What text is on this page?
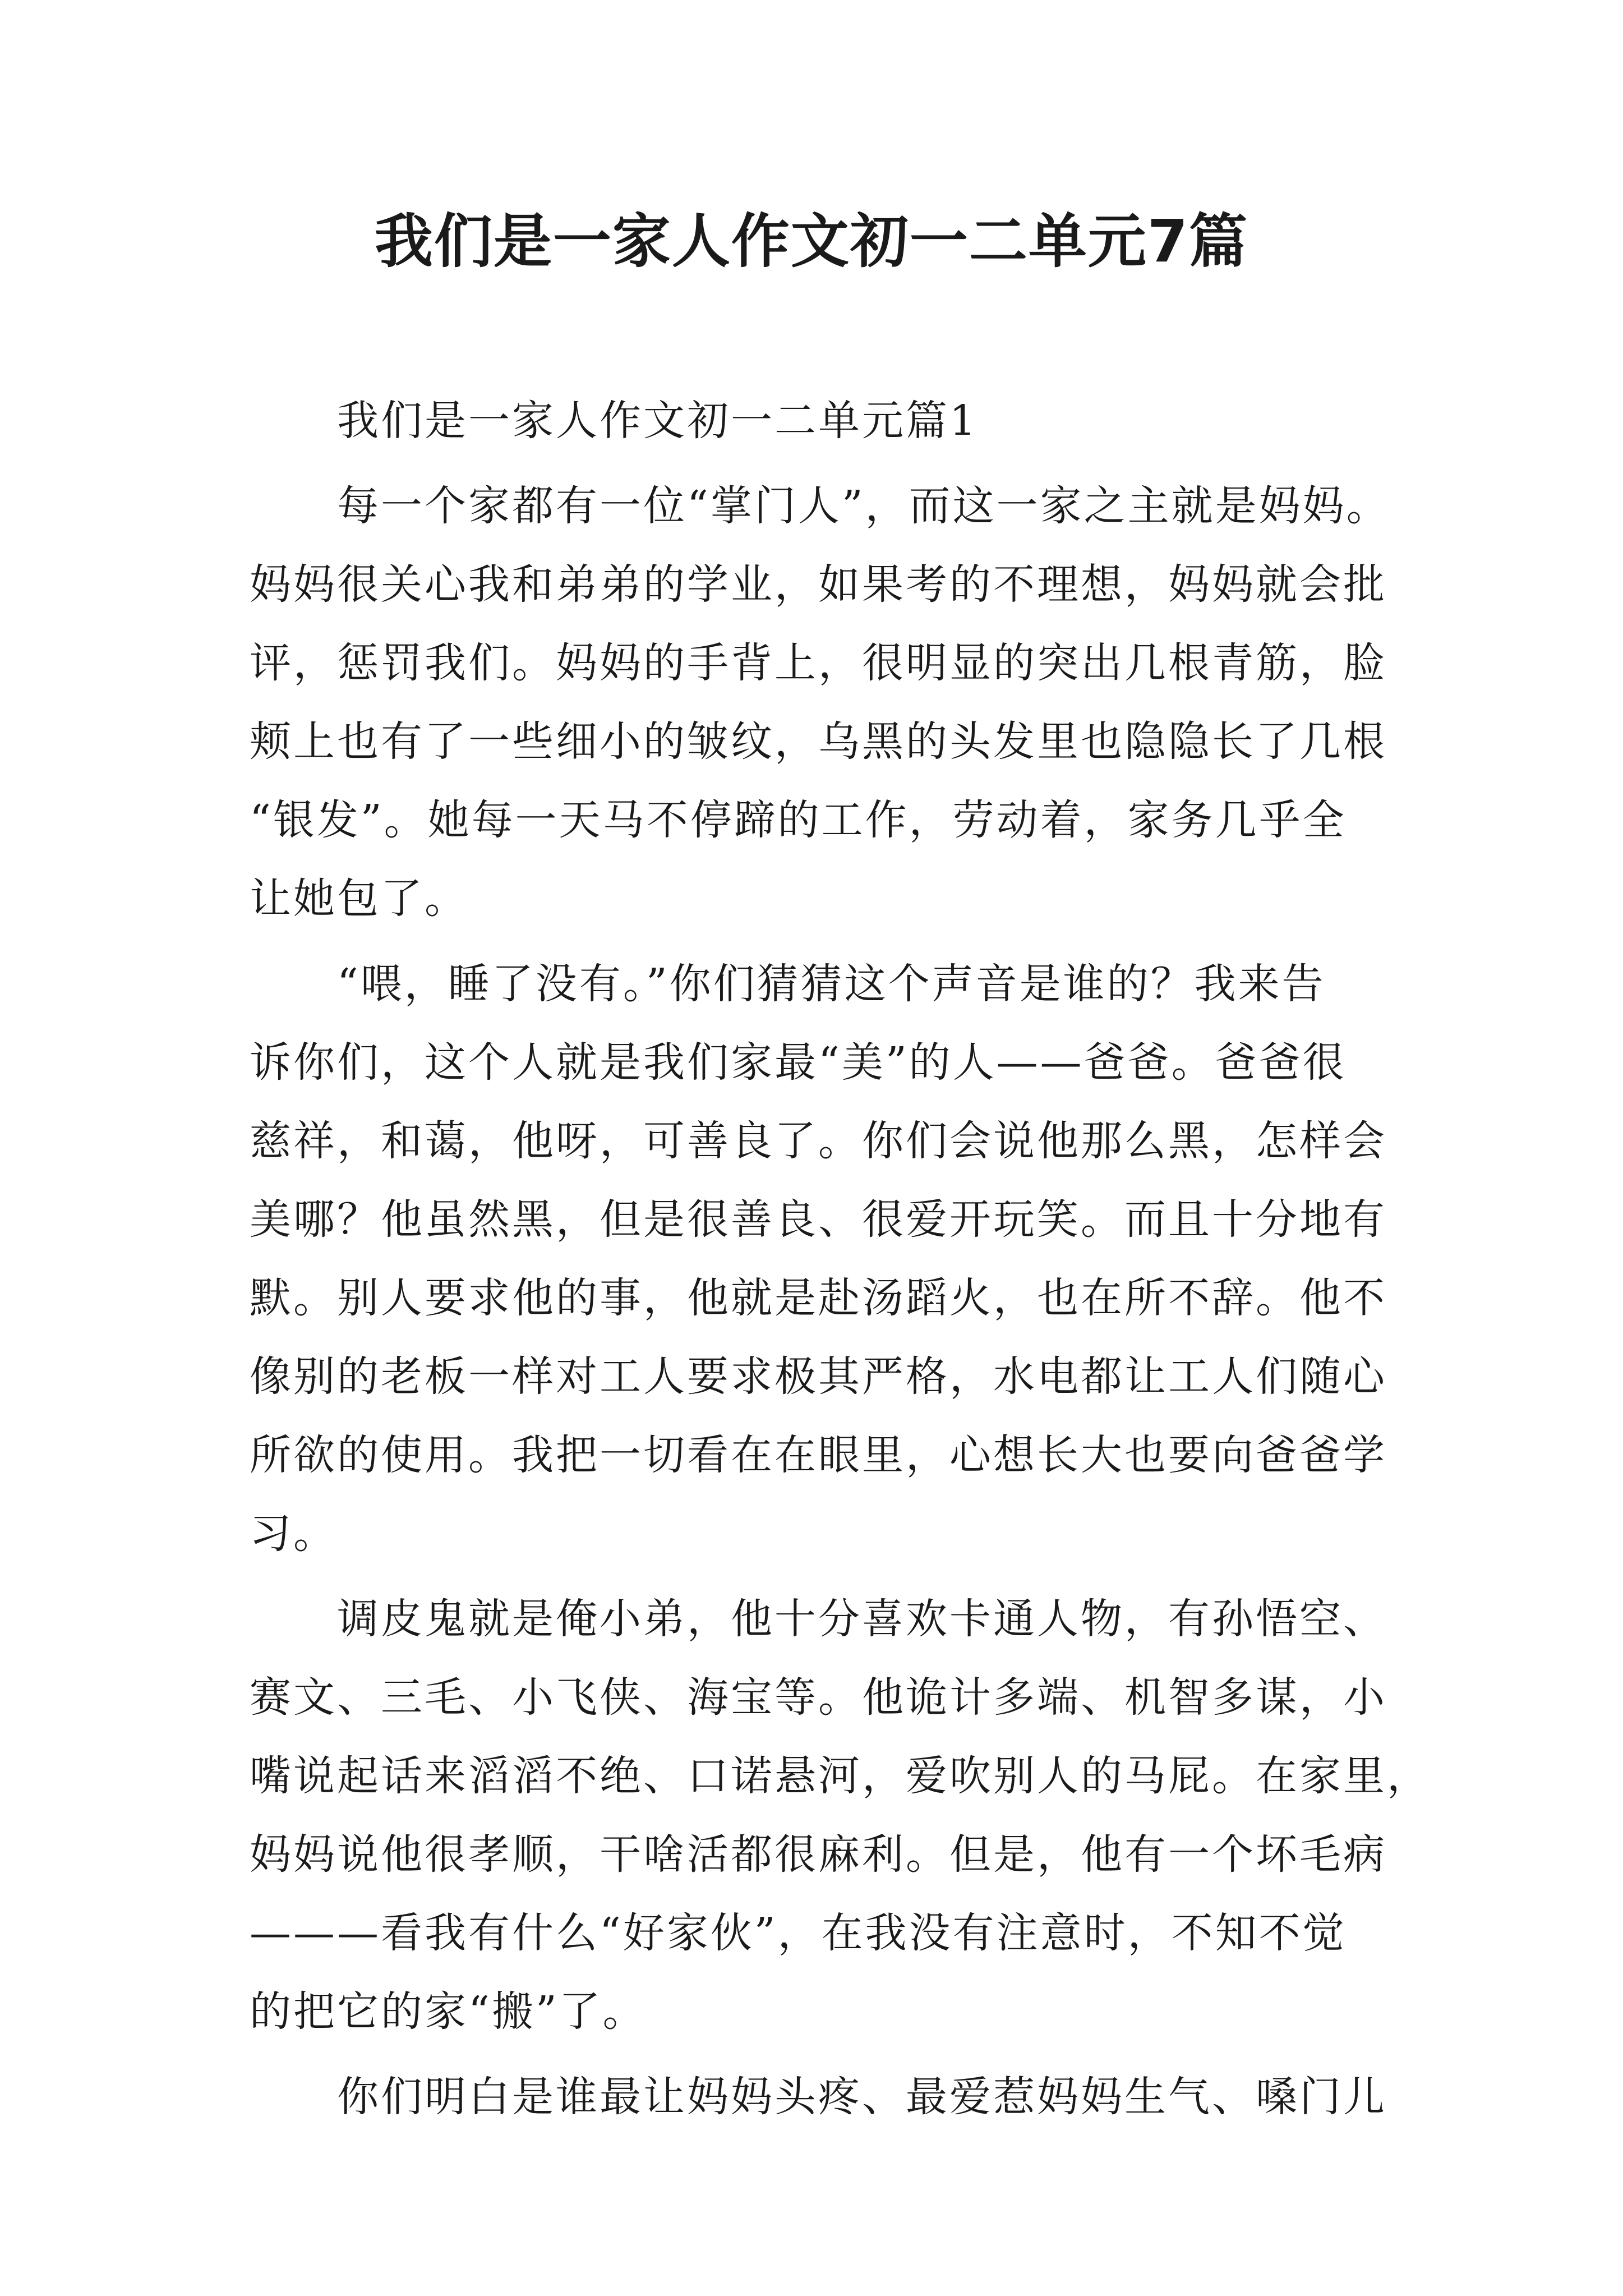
我们是一家人作文初一二单元7篇
　　我们是一家人作文初一二单元篇1
　　每一个家都有一位“掌门人”，而这一家之主就是妈妈。
妈妈很关心我和弟弟的学业，如果考的不理想，妈妈就会批
评，惩罚我们。妈妈的手背上，很明显的突出几根青筋，脸
颊上也有了一些细小的皱纹，乌黑的头发里也隐隐长了几根
“银发”。她每一天马不停蹄的工作，劳动着，家务几乎全
让她包了。
　　“喂，睡了没有。”你们猜猜这个声音是谁的？我来告
诉你们，这个人就是我们家最“美”的人——爸爸。爸爸很
慈祥，和蔼，他呀，可善良了。你们会说他那么黑，怎样会
美哪？他虽然黑，但是很善良、很爱开玩笑。而且十分地有
默。别人要求他的事，他就是赴汤蹈火，也在所不辞。他不
像别的老板一样对工人要求极其严格，水电都让工人们随心
所欲的使用。我把一切看在在眼里，心想长大也要向爸爸学
习。
　　调皮鬼就是俺小弟，他十分喜欢卡通人物，有孙悟空、
赛文、三毛、小飞侠、海宝等。他诡计多端、机智多谋，小
嘴说起话来滔滔不绝、口诺悬河，爱吹别人的马屁。在家里，
妈妈说他很孝顺，干啥活都很麻利。但是，他有一个坏毛病
———看我有什么“好家伙”，在我没有注意时，不知不觉
的把它的家“搬”了。
　　你们明白是谁最让妈妈头疼、最爱惹妈妈生气、嗓门儿
